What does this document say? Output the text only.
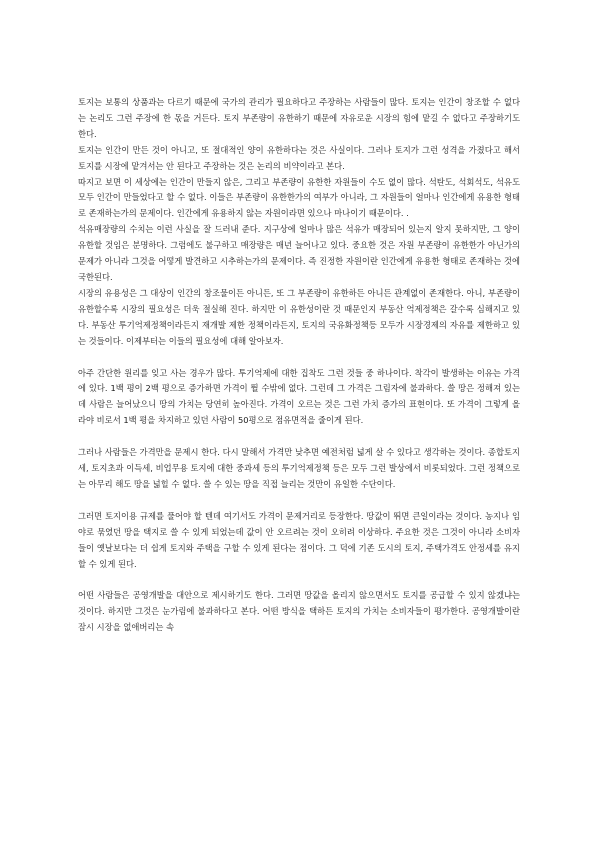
토지는 보통의 상품과는 다르기 때문에 국가의 관리가 필요하다고 주장하는 사람들이 많다. 토지는 인간이 창조할 수 없다는 논리도 그런 주장에 한 몫을 거든다. 토지 부존량이 유한하기 때문에 자유로운 시장의 힘에 맡길 수 없다고 주장하기도 한다.

토지는 인간이 만든 것이 아니고, 또 절대적인 양이 유한하다는 것은 사실이다. 그러나 토지가 그런 성격을 가졌다고 해서 토지를 시장에 맡겨서는 안 된다고 주장하는 것은 논리의 비약이라고 본다.

따지고 보면 이 세상에는 인간이 만들지 않은, 그리고 부존량이 유한한 자원들이 수도 없이 많다. 석탄도, 석회석도, 석유도 모두 인간이 만들었다고 할 수 없다. 이들은 부존량이 유한한가의 여부가 아니라, 그 자원들이 얼마나 인간에게 유용한 형태로 존재하는가의 문제이다. 인간에게 유용하지 않는 자원이라면 있으나 마나이기 때문이다. .

석유매장량의 수치는 이런 사실을 잘 드러내 준다. 지구상에 얼마나 많은 석유가 매장되어 있는지 알지 못하지만, 그 양이 유한할 것임은 분명하다. 그럼에도 불구하고 매장량은 매년 늘어나고 있다. 중요한 것은 자원 부존량이 유한한가 아닌가의 문제가 아니라 그것을 어떻게 발견하고 시추하는가의 문제이다. 즉 진정한 자원이란 인간에게 유용한 형태로 존재하는 것에 국한된다.

시장의 유용성은 그 대상이 인간의 창조물이든 아니든, 또 그 부존량이 유한하든 아니든 관계없이 존재한다. 아니, 부존량이 유한할수록 시장의 필요성은 더욱 절실해 진다. 하지만 이 유한성이란 것 때문인지 부동산 억제정책은 갈수록 심해지고 있다. 부동산 투기억제정책이라든지 재개발 제한 정책이라든지, 토지의 국유화정책등 모두가 시장경제의 자유를 제한하고 있는 것들이다. 이제부터는 이들의 필요성에 대해 알아보자.

아주 간단한 원리를 잊고 사는 경우가 많다. 투기억제에 대한 집착도 그런 것들 중 하나이다. 착각이 발생하는 이유는 가격에 있다. 1백 평이 2백 평으로 증가하면 가격이 뛸 수밖에 없다. 그런데 그 가격은 그림자에 불과하다. 쓸 땅은 정해져 있는데 사람은 늘어났으니 땅의 가치는 당연히 높아진다. 가격이 오르는 것은 그런 가치 증가의 표현이다. 또 가격이 그렇게 올라야 비로서 1백 평을 차지하고 있던 사람이 50평으로 점유면적을 줄이게 된다.

그러나 사람들은 가격만을 문제시 한다. 다시 말해서 가격만 낮추면 예전처럼 넓게 살 수 있다고 생각하는 것이다. 종합토지세, 토지초과 이득세, 비업무용 토지에 대한 중과세 등의 투기억제정책 등은 모두 그런 발상에서 비롯되었다. 그런 정책으로는 아무리 해도 땅을 넓힐 수 없다. 쓸 수 있는 땅을 직접 늘리는 것만이 유일한 수단이다.

그러면 토지이용 규제를 풀어야 할 텐데 여기서도 가격이 문제거리로 등장한다. 땅값이 뛰면 큰일이라는 것이다. 농지나 임야로 묶였던 땅을 택지로 쓸 수 있게 되었는데 값이 안 오르려는 것이 오히려 이상하다. 주요한 것은 그것이 아니라 소비자들이 옛날보다는 더 쉽게 토지와 주택을 구할 수 있게 된다는 점이다. 그 덕에 기존 도시의 토지, 주택가격도 안정세를 유지할 수 있게 된다.

어떤 사람들은 공영개발을 대안으로 제시하기도 한다. 그러면 땅값을 올리지 않으면서도 토지를 공급할 수 있지 않겠냐는 것이다. 하지만 그것은 눈가림에 불과하다고 본다. 어떤 방식을 택하든 토지의 가치는 소비자들이 평가한다. 공영개발이란 잠시 시장을 없애버리는 속
